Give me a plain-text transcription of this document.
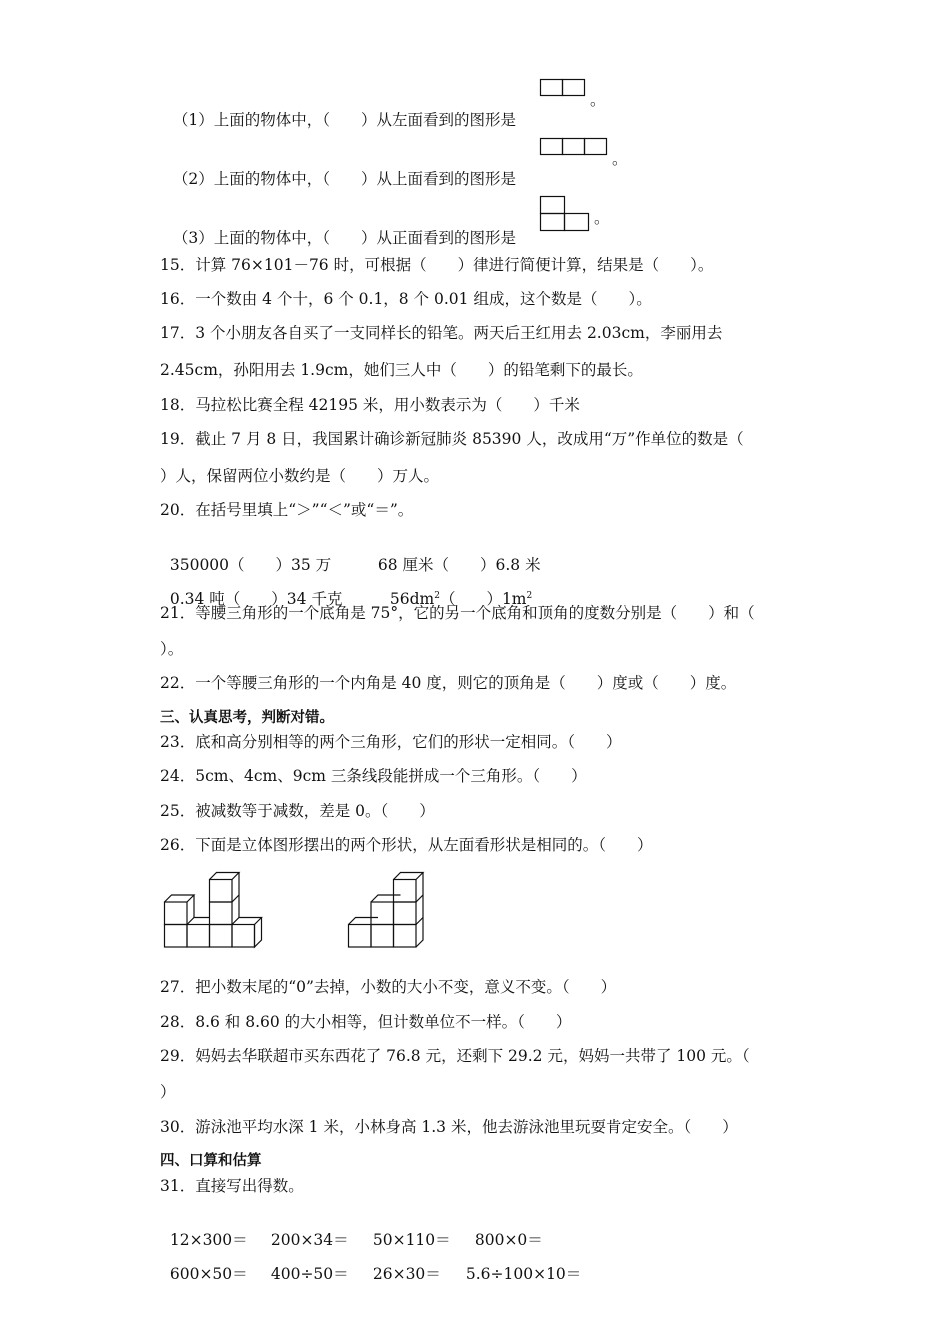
（1）上面的物体中，（　　）从左面看到的图形是

。

（2）上面的物体中，（　　）从上面看到的图形是

。

（3）上面的物体中，（　　）从正面看到的图形是

。
15．计算 76×101－76 时，可根据（　　）律进行简便计算，结果是（　　）。
16．一个数由 4 个十，6 个 0.1，8 个 0.01 组成，这个数是（　　）。
17．3 个小朋友各自买了一支同样长的铅笔。两天后王红用去 2.03cm，李丽用去
2.45cm，孙阳用去 1.9cm，她们三人中（　　）的铅笔剩下的最长。
18．马拉松比赛全程 42195 米，用小数表示为（　　）千米
19．截止 7 月 8 日，我国累计确诊新冠肺炎 85390 人，改成用“万”作单位的数是（
）人，保留两位小数约是（　　）万人。
20．在括号里填上“＞”“＜”或“＝”。

350000（　　）35 万	68 厘米（　　）6.8 米

0.34 吨（　　）34 千克	$56dm^2$（　　）$1m^2$

21．等腰三角形的一个底角是 75°，它的另一个底角和顶角的度数分别是（　　）和（
）。
22．一个等腰三角形的一个内角是 40 度，则它的顶角是（　　）度或（　　）度。
三、认真思考，判断对错。
23．底和高分别相等的两个三角形，它们的形状一定相同。（　　）
24．5cm、4cm、9cm 三条线段能拼成一个三角形。（　　）
25．被减数等于减数，差是 0。（　　）
26．下面是立体图形摆出的两个形状，从左面看形状是相同的。（　　）
27．把小数末尾的“0”去掉，小数的大小不变，意义不变。（　　）
28．8.6 和 8.60 的大小相等，但计数单位不一样。（　　）
29．妈妈去华联超市买东西花了 76.8 元，还剩下 29.2 元，妈妈一共带了 100 元。（
）
30．游泳池平均水深 1 米，小林身高 1.3 米，他去游泳池里玩耍肯定安全。（　　）
四、口算和估算
31．直接写出得数。

12×300＝ 200×34＝ 50×110＝ 800×0＝

600×50＝ 400÷50＝ 26×30＝ 5.6÷100×10＝
